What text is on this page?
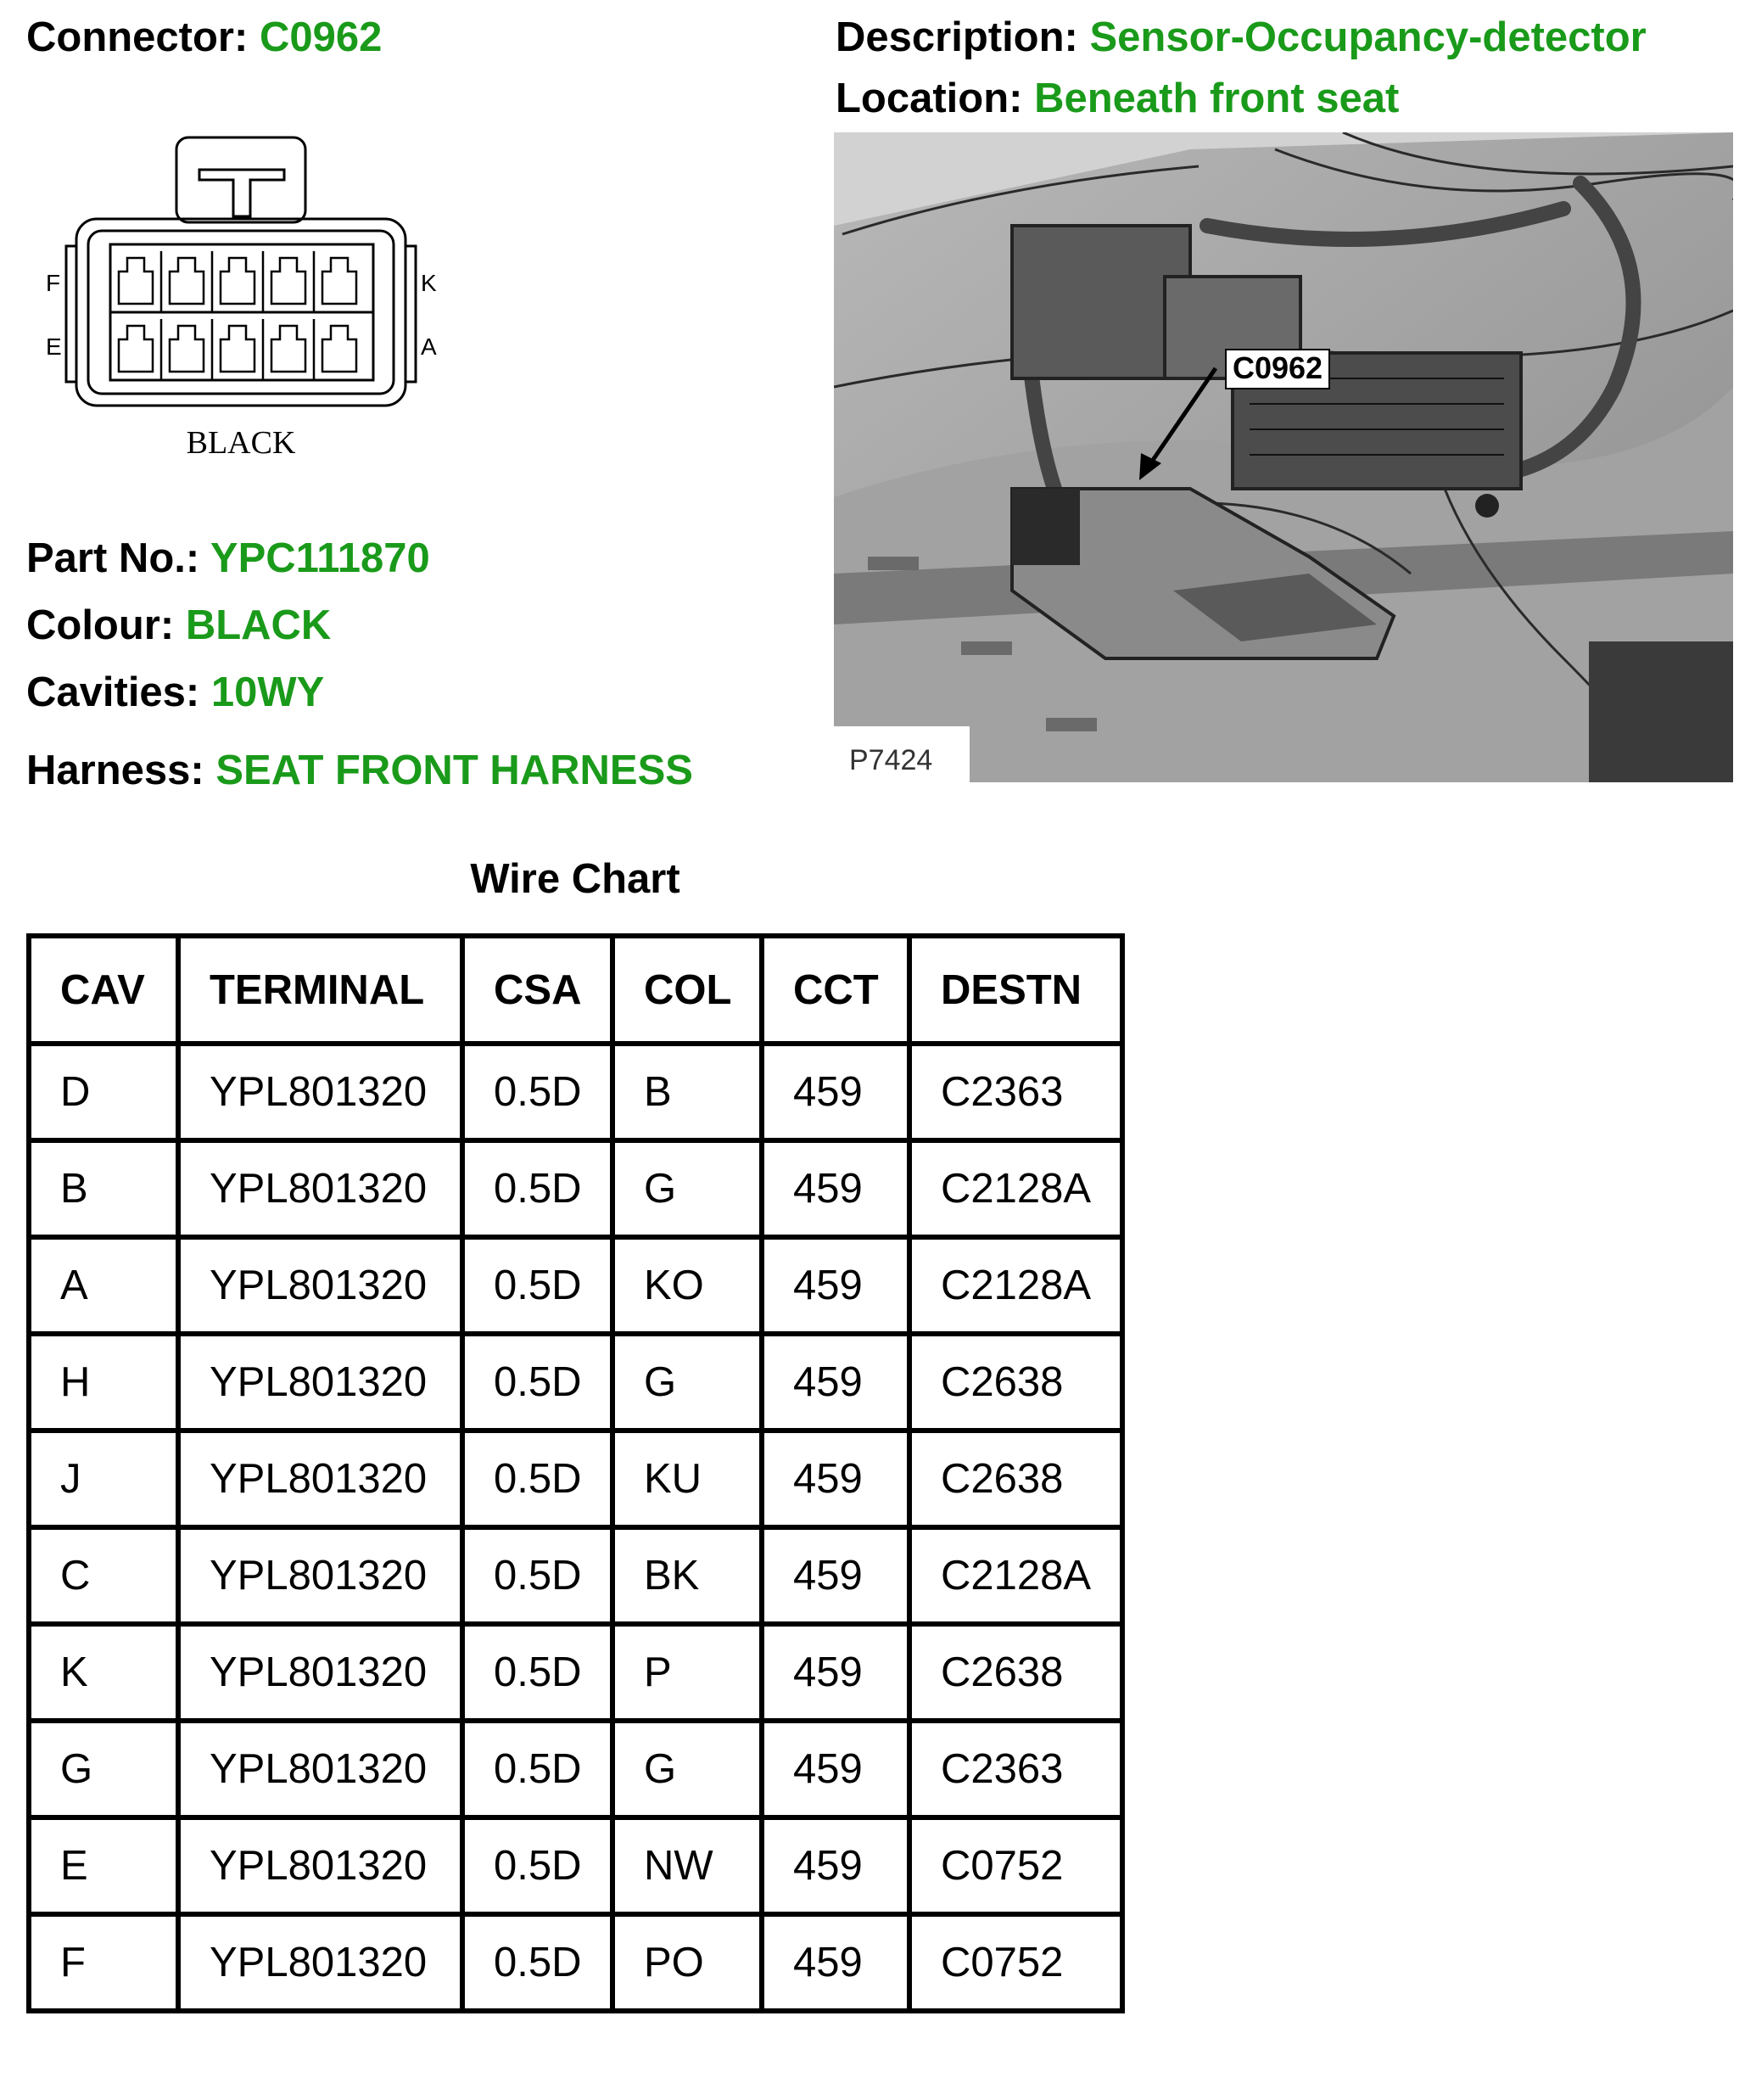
Connector: C0962	Description: Sensor-Occupancy-detector
Location: Beneath front seat
F
E
K
A
BLACK
C0962
P7424
Part No.: YPC111870
Colour: BLACK
Cavities: 10WY
Harness: SEAT FRONT HARNESS
Wire Chart
CAV	TERMINAL	CSA	COL	CCT	DESTN
D	YPL801320	0.5D	B	459	C2363
B	YPL801320	0.5D	G	459	C2128A
A	YPL801320	0.5D	KO	459	C2128A
H	YPL801320	0.5D	G	459	C2638
J	YPL801320	0.5D	KU	459	C2638
C	YPL801320	0.5D	BK	459	C2128A
K	YPL801320	0.5D	P	459	C2638
G	YPL801320	0.5D	G	459	C2363
E	YPL801320	0.5D	NW	459	C0752
F	YPL801320	0.5D	PO	459	C0752
